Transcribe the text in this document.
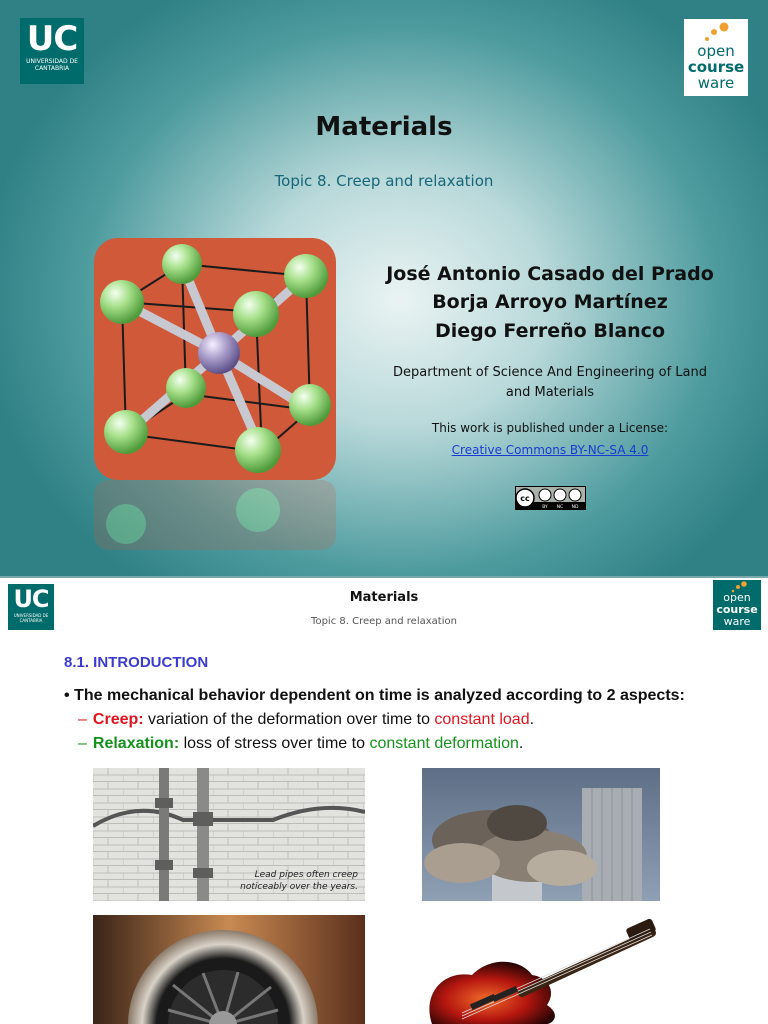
UC
UNIVERSIDAD DE CANTABRIA
open
course
ware
Materials
Topic 8. Creep and relaxation
José Antonio Casado del Prado
Borja Arroyo Martínez
Diego Ferreño Blanco
Department of Science And Engineering of Land and Materials
This work is published under a License:
Creative Commons BY-NC-SA 4.0
cc
BY NC ND
UC
UNIVERSIDAD DE CANTABRIA
open
course
ware
Materials
Topic 8. Creep and relaxation
8.1. INTRODUCTION
• The mechanical behavior dependent on time is analyzed according to 2 aspects:
– Creep: variation of the deformation over time to constant load.
– Relaxation: loss of stress over time to constant deformation.
Lead pipes often creep noticeably over the years.
